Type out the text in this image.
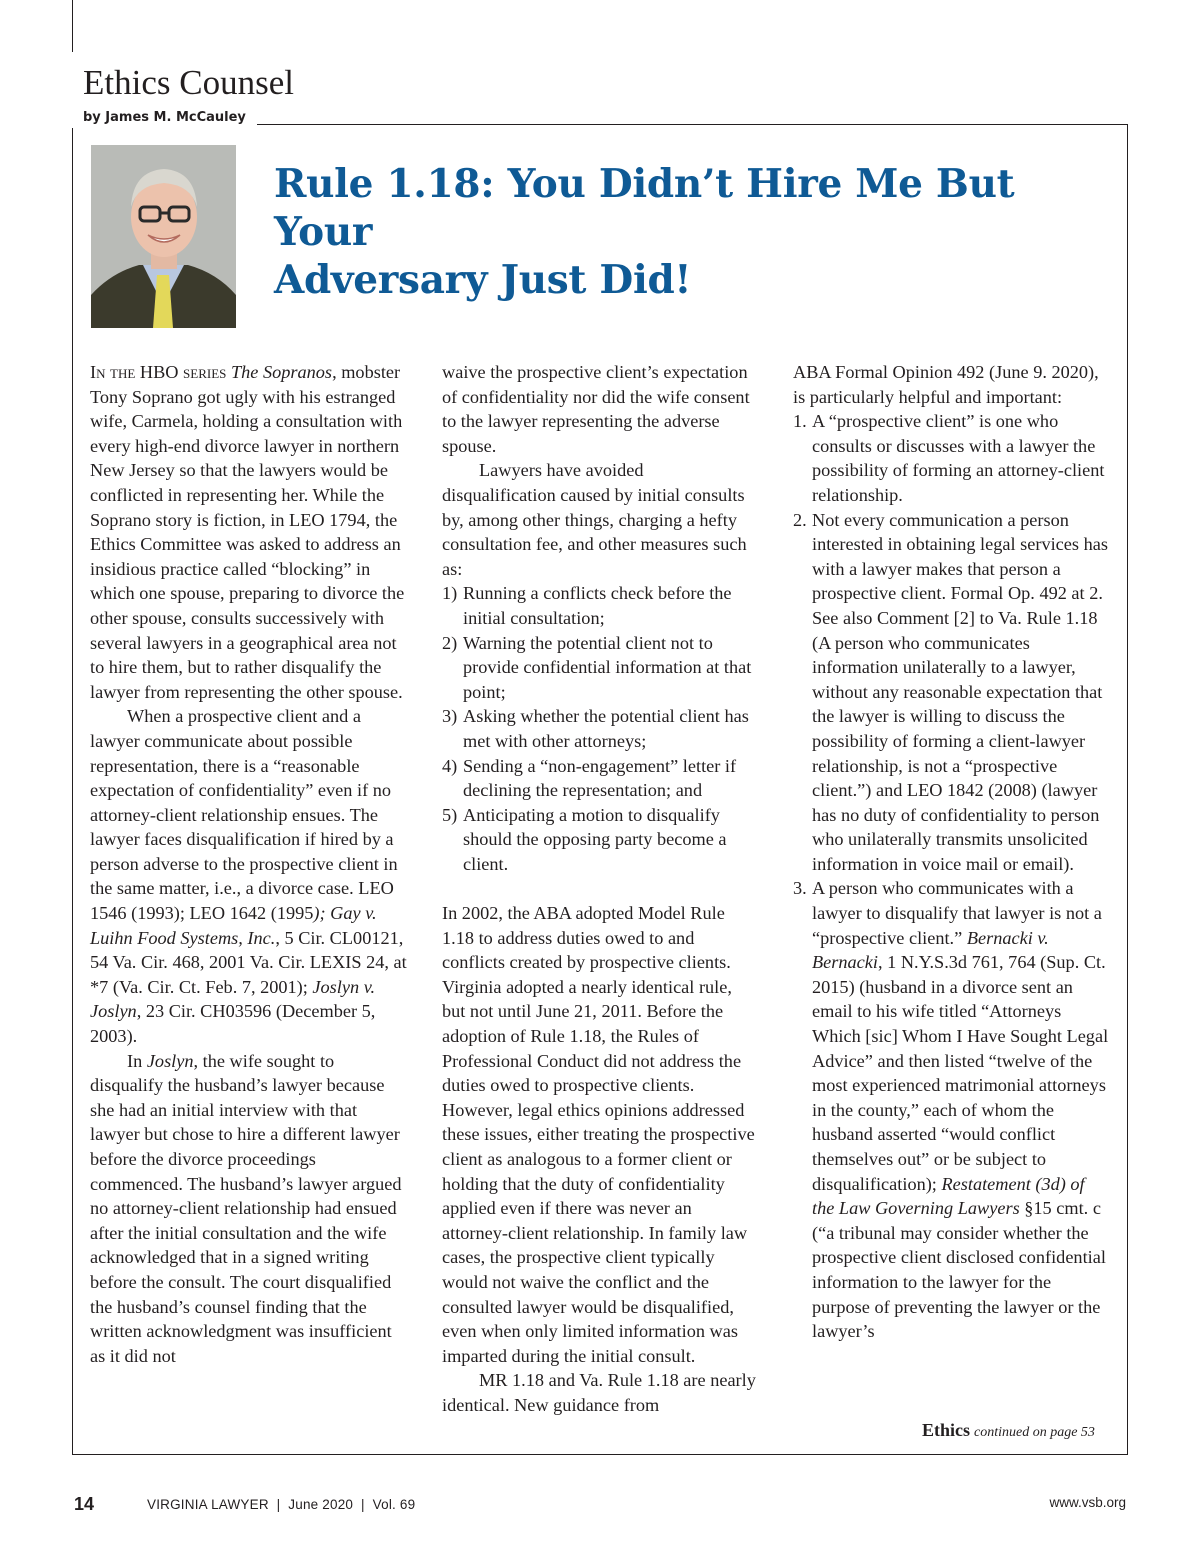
Ethics Counsel
by James M. McCauley
Rule 1.18: You Didn’t Hire Me But Your
Adversary Just Did!

In the HBO series The Sopranos, mobster Tony Soprano got ugly with his estranged wife, Carmela, holding a consultation with every high-end divorce lawyer in northern New Jersey so that the lawyers would be conflicted in representing her. While the Soprano story is fiction, in LEO 1794, the Ethics Committee was asked to address an insidious practice called “blocking” in which one spouse, preparing to divorce the other spouse, consults successively with several lawyers in a geographical area not to hire them, but to rather disqualify the lawyer from representing the other spouse.

When a prospective client and a lawyer communicate about possible representation, there is a “reasonable expectation of confidentiality” even if no attorney-client relationship ensues. The lawyer faces disqualification if hired by a person adverse to the prospective client in the same matter, i.e., a divorce case. LEO 1546 (1993); LEO 1642 (1995); Gay v. Luihn Food Systems, Inc., 5 Cir. CL00121, 54 Va. Cir. 468, 2001 Va. Cir. LEXIS 24, at *7 (Va. Cir. Ct. Feb. 7, 2001); Joslyn v. Joslyn, 23 Cir. CH03596 (December 5, 2003).

In Joslyn, the wife sought to disqualify the husband’s lawyer because she had an initial interview with that lawyer but chose to hire a different lawyer before the divorce proceedings commenced. The husband’s lawyer argued no attorney-client relationship had ensued after the initial consultation and the wife acknowledged that in a signed writing before the consult. The court disqualified the husband’s counsel finding that the written acknowledgment was insufficient as it did not

waive the prospective client’s expectation of confidentiality nor did the wife consent to the lawyer representing the adverse spouse.

Lawyers have avoided disqualification caused by initial consults by, among other things, charging a hefty consultation fee, and other measures such as:

1) Running a conflicts check before the initial consultation;
2) Warning the potential client not to provide confidential information at that point;
3) Asking whether the potential client has met with other attorneys;
4) Sending a “non-engagement” letter if declining the representation; and
5) Anticipating a motion to disqualify should the opposing party become a client.

In 2002, the ABA adopted Model Rule 1.18 to address duties owed to and conflicts created by prospective clients. Virginia adopted a nearly identical rule, but not until June 21, 2011. Before the adoption of Rule 1.18, the Rules of Professional Conduct did not address the duties owed to prospective clients. However, legal ethics opinions addressed these issues, either treating the prospective client as analogous to a former client or holding that the duty of confidentiality applied even if there was never an attorney-client relationship. In family law cases, the prospective client typically would not waive the conflict and the consulted lawyer would be disqualified, even when only limited information was imparted during the initial consult.

MR 1.18 and Va. Rule 1.18 are nearly identical. New guidance from

ABA Formal Opinion 492 (June 9. 2020), is particularly helpful and important:

1. A “prospective client” is one who consults or discusses with a lawyer the possibility of forming an attorney-client relationship.
2. Not every communication a person interested in obtaining legal services has with a lawyer makes that person a prospective client. Formal Op. 492 at 2. See also Comment [2] to Va. Rule 1.18 (A person who communicates information unilaterally to a lawyer, without any reasonable expectation that the lawyer is willing to discuss the possibility of forming a client-lawyer relationship, is not a “prospective client.”) and LEO 1842 (2008) (lawyer has no duty of confidentiality to person who unilaterally transmits unsolicited information in voice mail or email).
3. A person who communicates with a lawyer to disqualify that lawyer is not a “prospective client.” Bernacki v. Bernacki, 1 N.Y.S.3d 761, 764 (Sup. Ct. 2015) (husband in a divorce sent an email to his wife titled “Attorneys Which [sic] Whom I Have Sought Legal Advice” and then listed “twelve of the most experienced matrimonial attorneys in the county,” each of whom the husband asserted “would conflict themselves out” or be subject to disqualification); Restatement (3d) of the Law Governing Lawyers §15 cmt. c (“a tribunal may consider whether the prospective client disclosed confidential information to the lawyer for the purpose of preventing the lawyer or the lawyer’s
Ethics continued on page 53
14	VIRGINIA LAWYER  |  June 2020  |  Vol. 69	www.vsb.org
